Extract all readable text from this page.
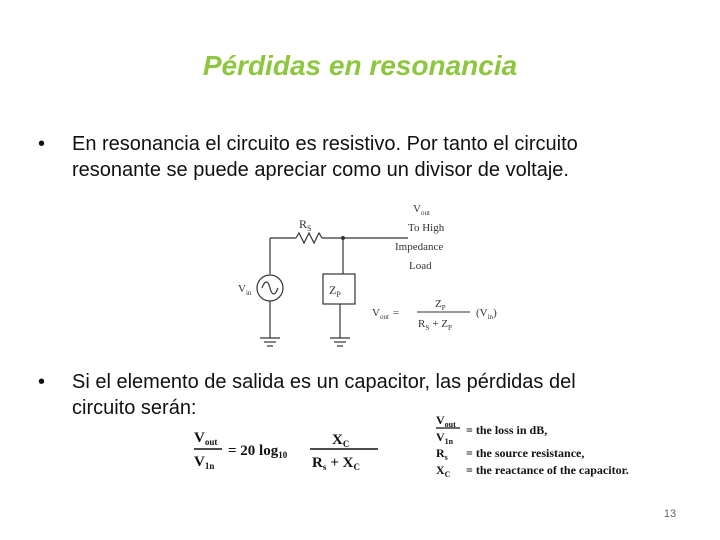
Pérdidas en resonancia
• En resonancia el circuito es resistivo. Por tanto el circuito
resonante se puede apreciar como un divisor de voltaje.
• Si el elemento de salida es un capacitor, las pérdidas del
circuito serán:
$R_S$
$Z_P$
$V_{in}$
$V_{out}$
To High
Impedance
Load
$V_{out}$ =
$Z_P$
$R_S + Z_P$
$(V_{in})$
$V_{out}$
$V_{1n}$
= 20 $\log_{10}$
$X_C$
$R_s + X_C$
$V_{out}$
$V_{1n}$
= the loss in dB,
$R_s$ = the source resistance,
$X_C$ = the reactance of the capacitor.
13
